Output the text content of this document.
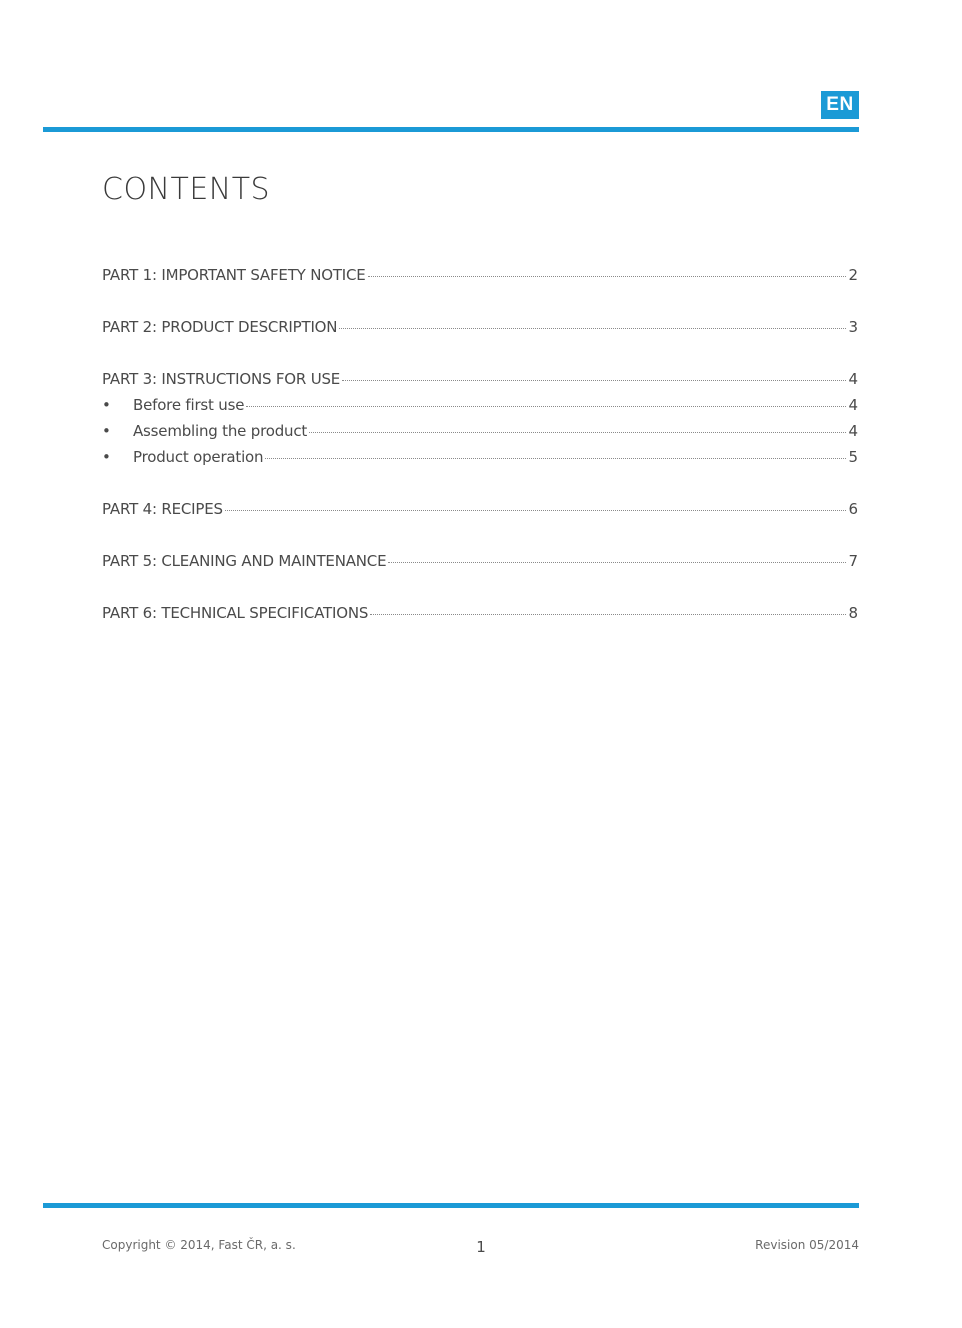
EN
CONTENTS
PART 1: IMPORTANT SAFETY NOTICE	2
PART 2: PRODUCT DESCRIPTION	3
PART 3: INSTRUCTIONS FOR USE	4
•	Before first use	4
•	Assembling the product	4
•	Product operation	5
PART 4: RECIPES	6
PART 5: CLEANING AND MAINTENANCE	7
PART 6: TECHNICAL SPECIFICATIONS	8
Copyright © 2014, Fast ČR, a. s.	1	Revision 05/2014
